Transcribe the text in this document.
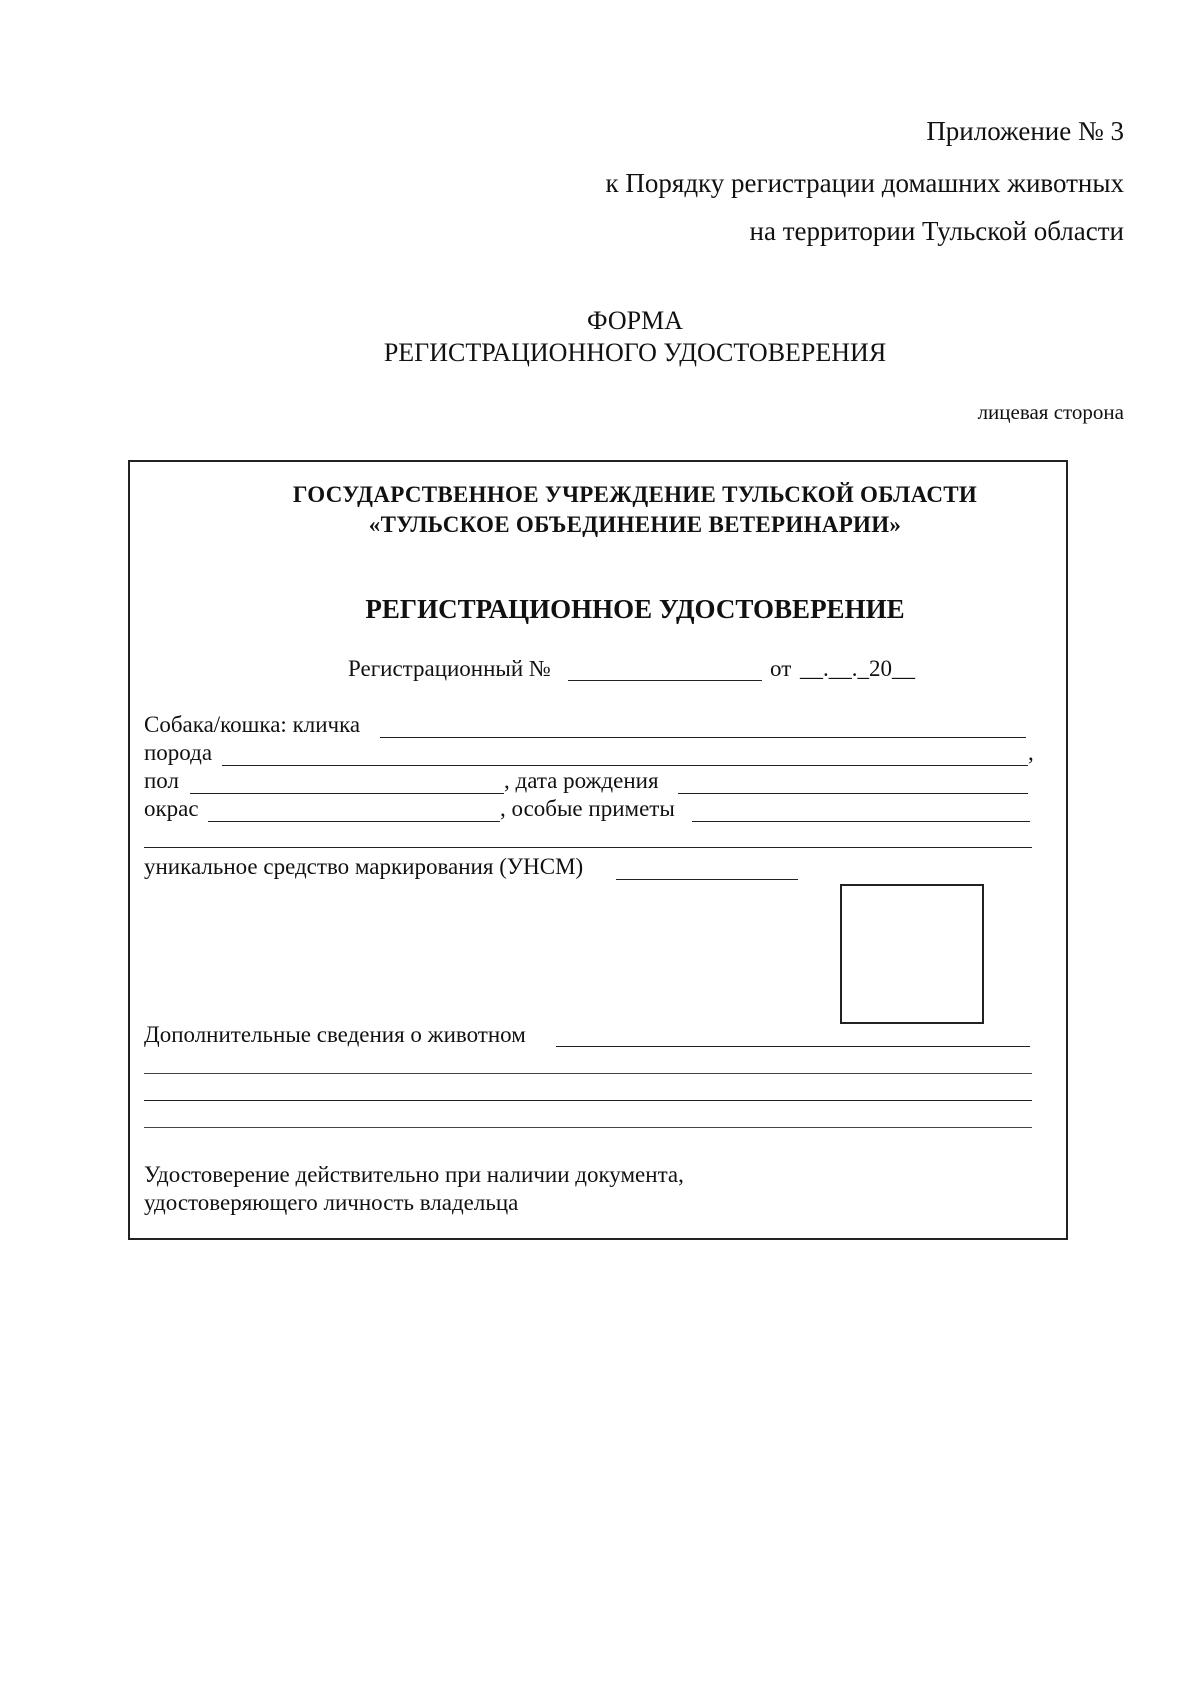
Приложение № 3
к Порядку регистрации домашних животных
на территории Тульской области
ФОРМА
РЕГИСТРАЦИОННОГО УДОСТОВЕРЕНИЯ
лицевая сторона
ГОСУДАРСТВЕННОЕ УЧРЕЖДЕНИЕ ТУЛЬСКОЙ ОБЛАСТИ
«ТУЛЬСКОЕ ОБЪЕДИНЕНИЕ ВЕТЕРИНАРИИ»
РЕГИСТРАЦИОННОЕ УДОСТОВЕРЕНИЕ
Регистрационный №	от __.__._20__
Собака/кошка: кличка
порода	,
пол	, дата рождения
окрас	, особые приметы
уникальное средство маркирования (УНСМ)
Дополнительные сведения о животном
Удостоверение действительно при наличии документа,
удостоверяющего личность владельца
